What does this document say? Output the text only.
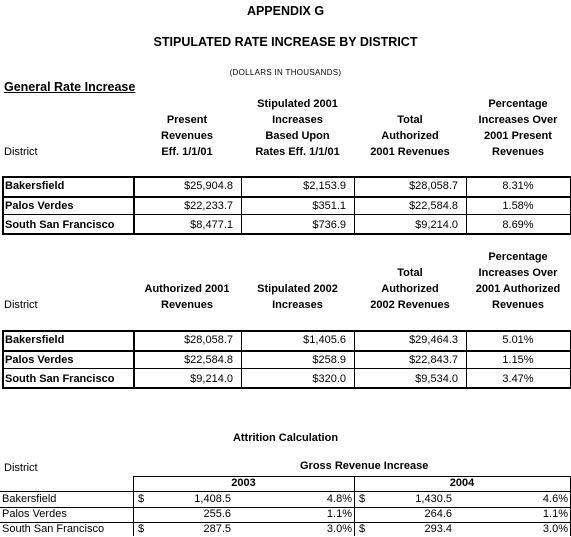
APPENDIX G
STIPULATED RATE INCREASE BY DISTRICT
(DOLLARS IN THOUSANDS)
General Rate Increase
District
Present
Revenues
Eff. 1/1/01
Stipulated 2001
Increases
Based Upon
Rates Eff. 1/1/01
Total
Authorized
2001 Revenues
Percentage
Increases Over
2001 Present
Revenues
Bakersfield	$25,904.8	$2,153.9	$28,058.7	8.31%
Palos Verdes	$22,233.7	$351.1	$22,584.8	1.58%
South San Francisco	$8,477.1	$736.9	$9,214.0	8.69%
District
Authorized 2001
Revenues
Stipulated 2002
Increases
Total
Authorized
2002 Revenues
Percentage
Increases Over
2001 Authorized
Revenues
Bakersfield	$28,058.7	$1,405.6	$29,464.3	5.01%
Palos Verdes	$22,584.8	$258.9	$22,843.7	1.15%
South San Francisco	$9,214.0	$320.0	$9,534.0	3.47%
Attrition Calculation
District	Gross Revenue Increase
2003	2004
Bakersfield	$	1,408.5	4.8% $	1,430.5	4.6%
Palos Verdes	255.6	1.1%	264.6	1.1%
South San Francisco	$	287.5	3.0% $	293.4	3.0%
